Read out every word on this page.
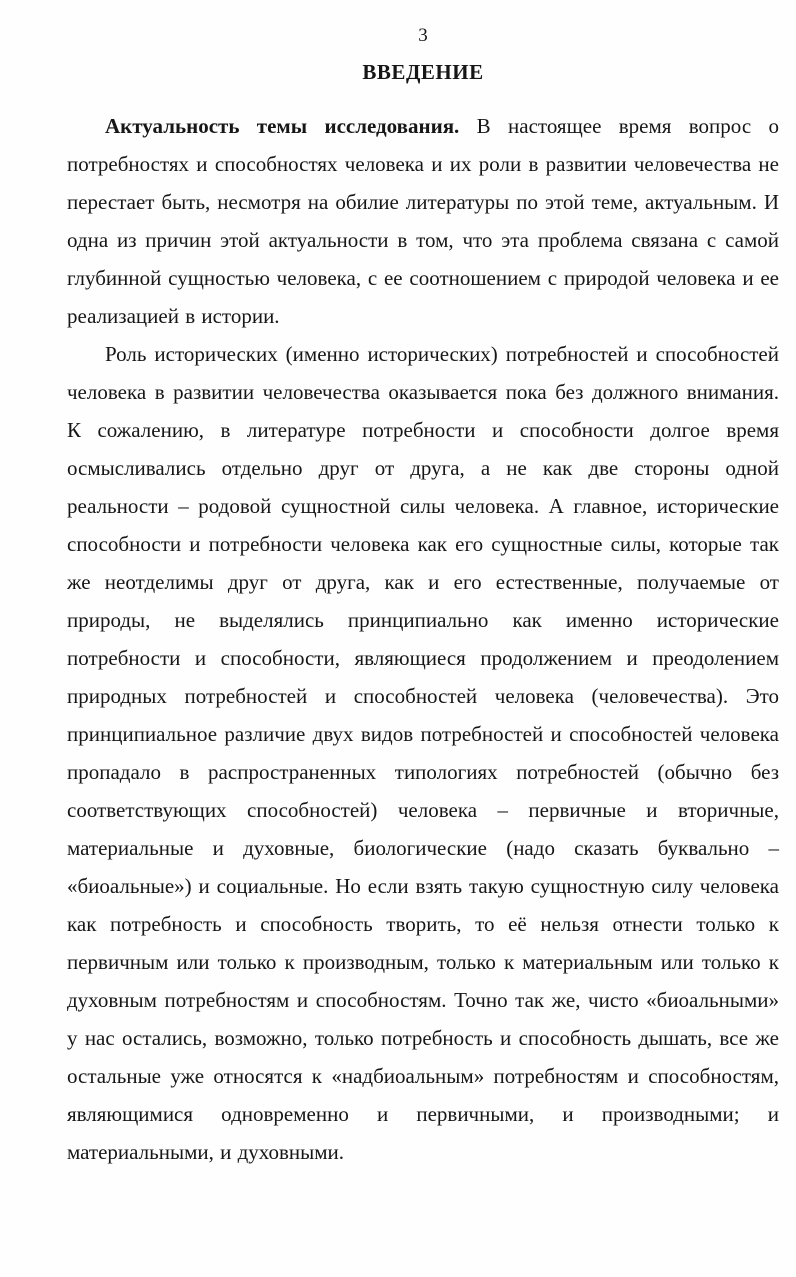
3
ВВЕДЕНИЕ

Актуальность темы исследования. В настоящее время вопрос о потребностях и способностях человека и их роли в развитии человечества не перестает быть, несмотря на обилие литературы по этой теме, актуальным. И одна из причин этой актуальности в том, что эта проблема связана с самой глубинной сущностью человека, с ее соотношением с природой человека и ее реализацией в истории.

Роль исторических (именно исторических) потребностей и способностей человека в развитии человечества оказывается пока без должного внимания. К сожалению, в литературе потребности и способности долгое время осмысливались отдельно друг от друга, а не как две стороны одной реальности – родовой сущностной силы человека. А главное, исторические способности и потребности человека как его сущностные силы, которые так же неотделимы друг от друга, как и его естественные, получаемые от природы, не выделялись принципиально как именно исторические потребности и способности, являющиеся продолжением и преодолением природных потребностей и способностей человека (человечества). Это принципиальное различие двух видов потребностей и способностей человека пропадало в распространенных типологиях потребностей (обычно без соответствующих способностей) человека – первичные и вторичные, материальные и духовные, биологические (надо сказать буквально – «биоальные») и социальные. Но если взять такую сущностную силу человека как потребность и способность творить, то её нельзя отнести только к первичным или только к производным, только к материальным или только к духовным потребностям и способностям. Точно так же, чисто «биоальными» у нас остались, возможно, только потребность и способность дышать, все же остальные уже относятся к «надбиоальным» потребностям и способностям, являющимися одновременно и первичными, и производными; и материальными, и духовными.
